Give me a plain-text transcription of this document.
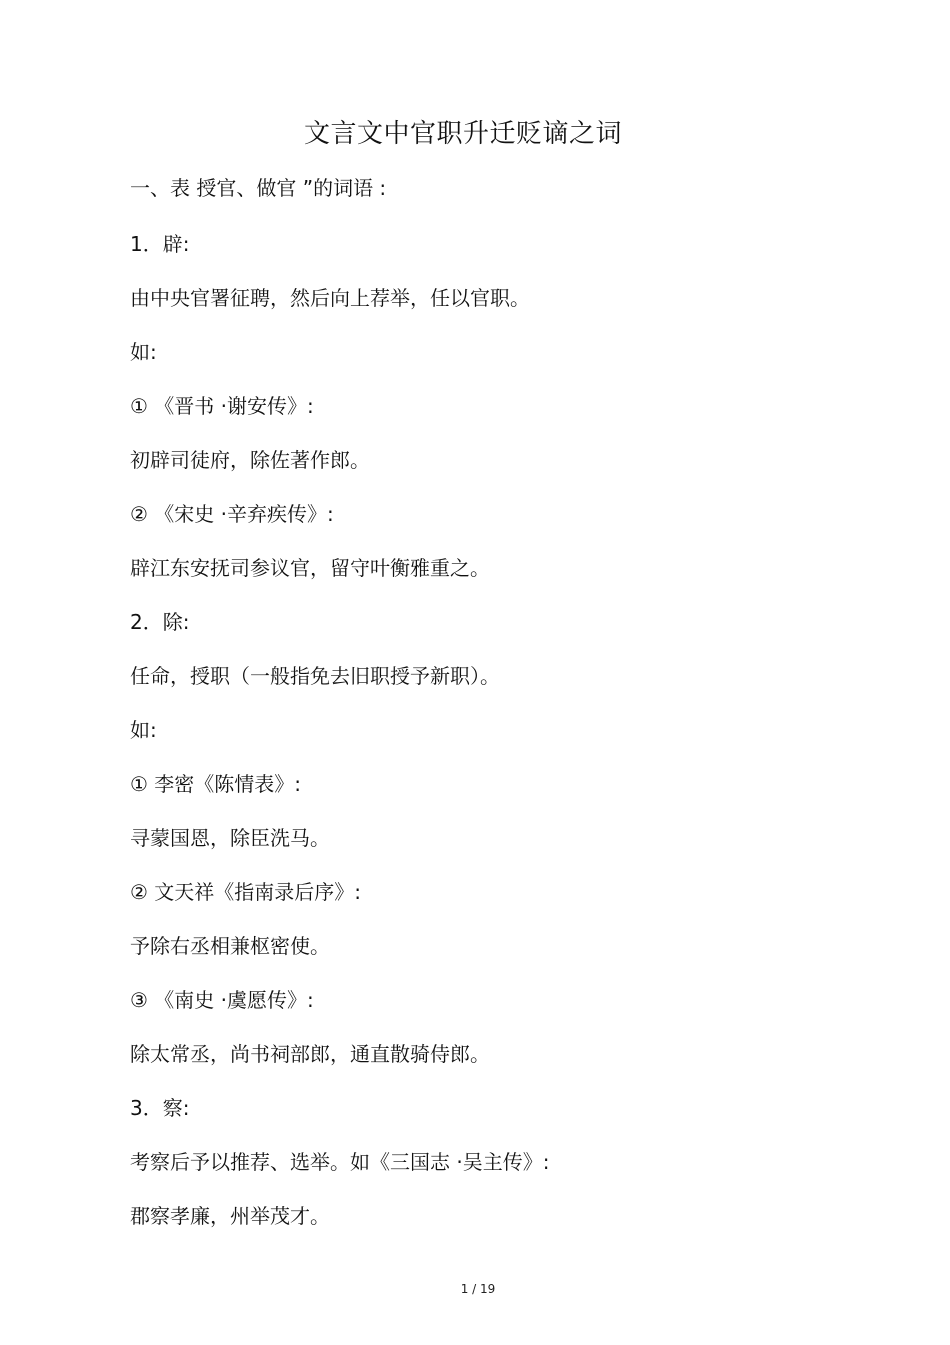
文言文中官职升迁贬谪之词
一、表 授官、做官 ”的词语 :
1．辟:
由中央官署征聘，然后向上荐举，任以官职。
如:
① 《晋书 ·谢安传》:
初辟司徒府，除佐著作郎。
② 《宋史 ·辛弃疾传》:
辟江东安抚司参议官，留守叶衡雅重之。
2．除:
任命，授职（一般指免去旧职授予新职）。
如:
① 李密《陈情表》:
寻蒙国恩，除臣洗马。
② 文天祥《指南录后序》:
予除右丞相兼枢密使。
③ 《南史 ·虞愿传》:
除太常丞，尚书祠部郎，通直散骑侍郎。
3．察:
考察后予以推荐、选举。如《三国志 ·吴主传》:
郡察孝廉，州举茂才。
1 / 19
